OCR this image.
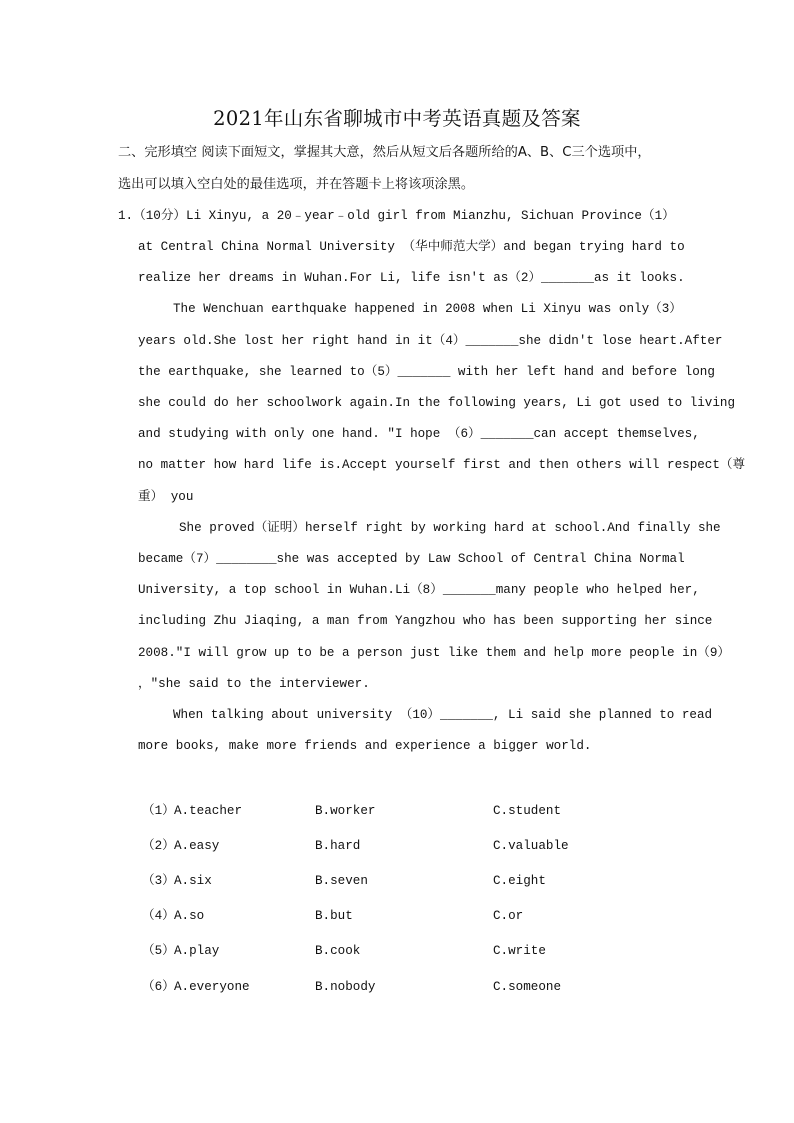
2021年山东省聊城市中考英语真题及答案
二、完形填空 阅读下面短文，掌握其大意，然后从短文后各题所给的A、B、C三个选项中，
选出可以填入空白处的最佳选项，并在答题卡上将该项涂黑。
1.（10分）Li Xinyu, a 20﹣year﹣old girl from Mianzhu, Sichuan Province（1）
at Central China Normal University （华中师范大学）and began trying hard to
realize her dreams in Wuhan.For Li, life isn't as（2）_______as it looks.
The Wenchuan earthquake happened in 2008 when Li Xinyu was only（3）
years old.She lost her right hand in it（4）_______she didn't lose heart.After
the earthquake, she learned to（5）_______ with her left hand and before long
she could do her schoolwork again.In the following years, Li got used to living
and studying with only one hand. "I hope （6）_______can accept themselves,
no matter how hard life is.Accept yourself first and then others will respect（尊
重） you
She proved（证明）herself right by working hard at school.And finally she
became（7）________she was accepted by Law School of Central China Normal
University, a top school in Wuhan.Li（8）_______many people who helped her,
including Zhu Jiaqing, a man from Yangzhou who has been supporting her since
2008."I will grow up to be a person just like them and help more people in（9）
，"she said to the interviewer.
When talking about university （10）_______, Li said she planned to read
more books, make more friends and experience a bigger world.
（1） A.teacher	B.worker	C.student
（2） A.easy	B.hard	C.valuable
（3） A.six	B.seven	C.eight
（4） A.so	B.but	C.or
（5） A.play	B.cook	C.write
（6） A.everyone	B.nobody	C.someone
